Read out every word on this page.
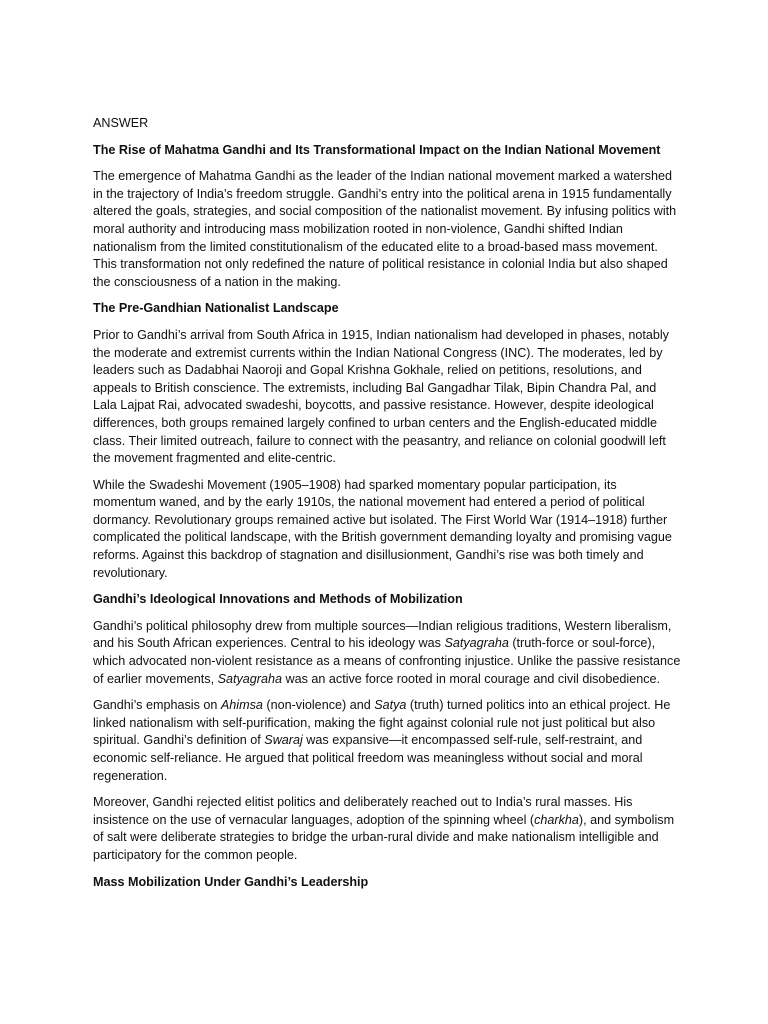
ANSWER

The Rise of Mahatma Gandhi and Its Transformational Impact on the Indian National Movement

The emergence of Mahatma Gandhi as the leader of the Indian national movement marked a watershed in the trajectory of India’s freedom struggle. Gandhi’s entry into the political arena in 1915 fundamentally altered the goals, strategies, and social composition of the nationalist movement. By infusing politics with moral authority and introducing mass mobilization rooted in non-violence, Gandhi shifted Indian nationalism from the limited constitutionalism of the educated elite to a broad-based mass movement. This transformation not only redefined the nature of political resistance in colonial India but also shaped the consciousness of a nation in the making.

The Pre-Gandhian Nationalist Landscape

Prior to Gandhi’s arrival from South Africa in 1915, Indian nationalism had developed in phases, notably the moderate and extremist currents within the Indian National Congress (INC). The moderates, led by leaders such as Dadabhai Naoroji and Gopal Krishna Gokhale, relied on petitions, resolutions, and appeals to British conscience. The extremists, including Bal Gangadhar Tilak, Bipin Chandra Pal, and Lala Lajpat Rai, advocated swadeshi, boycotts, and passive resistance. However, despite ideological differences, both groups remained largely confined to urban centers and the English-educated middle class. Their limited outreach, failure to connect with the peasantry, and reliance on colonial goodwill left the movement fragmented and elite-centric.

While the Swadeshi Movement (1905–1908) had sparked momentary popular participation, its momentum waned, and by the early 1910s, the national movement had entered a period of political dormancy. Revolutionary groups remained active but isolated. The First World War (1914–1918) further complicated the political landscape, with the British government demanding loyalty and promising vague reforms. Against this backdrop of stagnation and disillusionment, Gandhi’s rise was both timely and revolutionary.

Gandhi’s Ideological Innovations and Methods of Mobilization

Gandhi’s political philosophy drew from multiple sources—Indian religious traditions, Western liberalism, and his South African experiences. Central to his ideology was Satyagraha (truth-force or soul-force), which advocated non-violent resistance as a means of confronting injustice. Unlike the passive resistance of earlier movements, Satyagraha was an active force rooted in moral courage and civil disobedience.

Gandhi’s emphasis on Ahimsa (non-violence) and Satya (truth) turned politics into an ethical project. He linked nationalism with self-purification, making the fight against colonial rule not just political but also spiritual. Gandhi’s definition of Swaraj was expansive—it encompassed self-rule, self-restraint, and economic self-reliance. He argued that political freedom was meaningless without social and moral regeneration.

Moreover, Gandhi rejected elitist politics and deliberately reached out to India’s rural masses. His insistence on the use of vernacular languages, adoption of the spinning wheel (charkha), and symbolism of salt were deliberate strategies to bridge the urban-rural divide and make nationalism intelligible and participatory for the common people.

Mass Mobilization Under Gandhi’s Leadership
